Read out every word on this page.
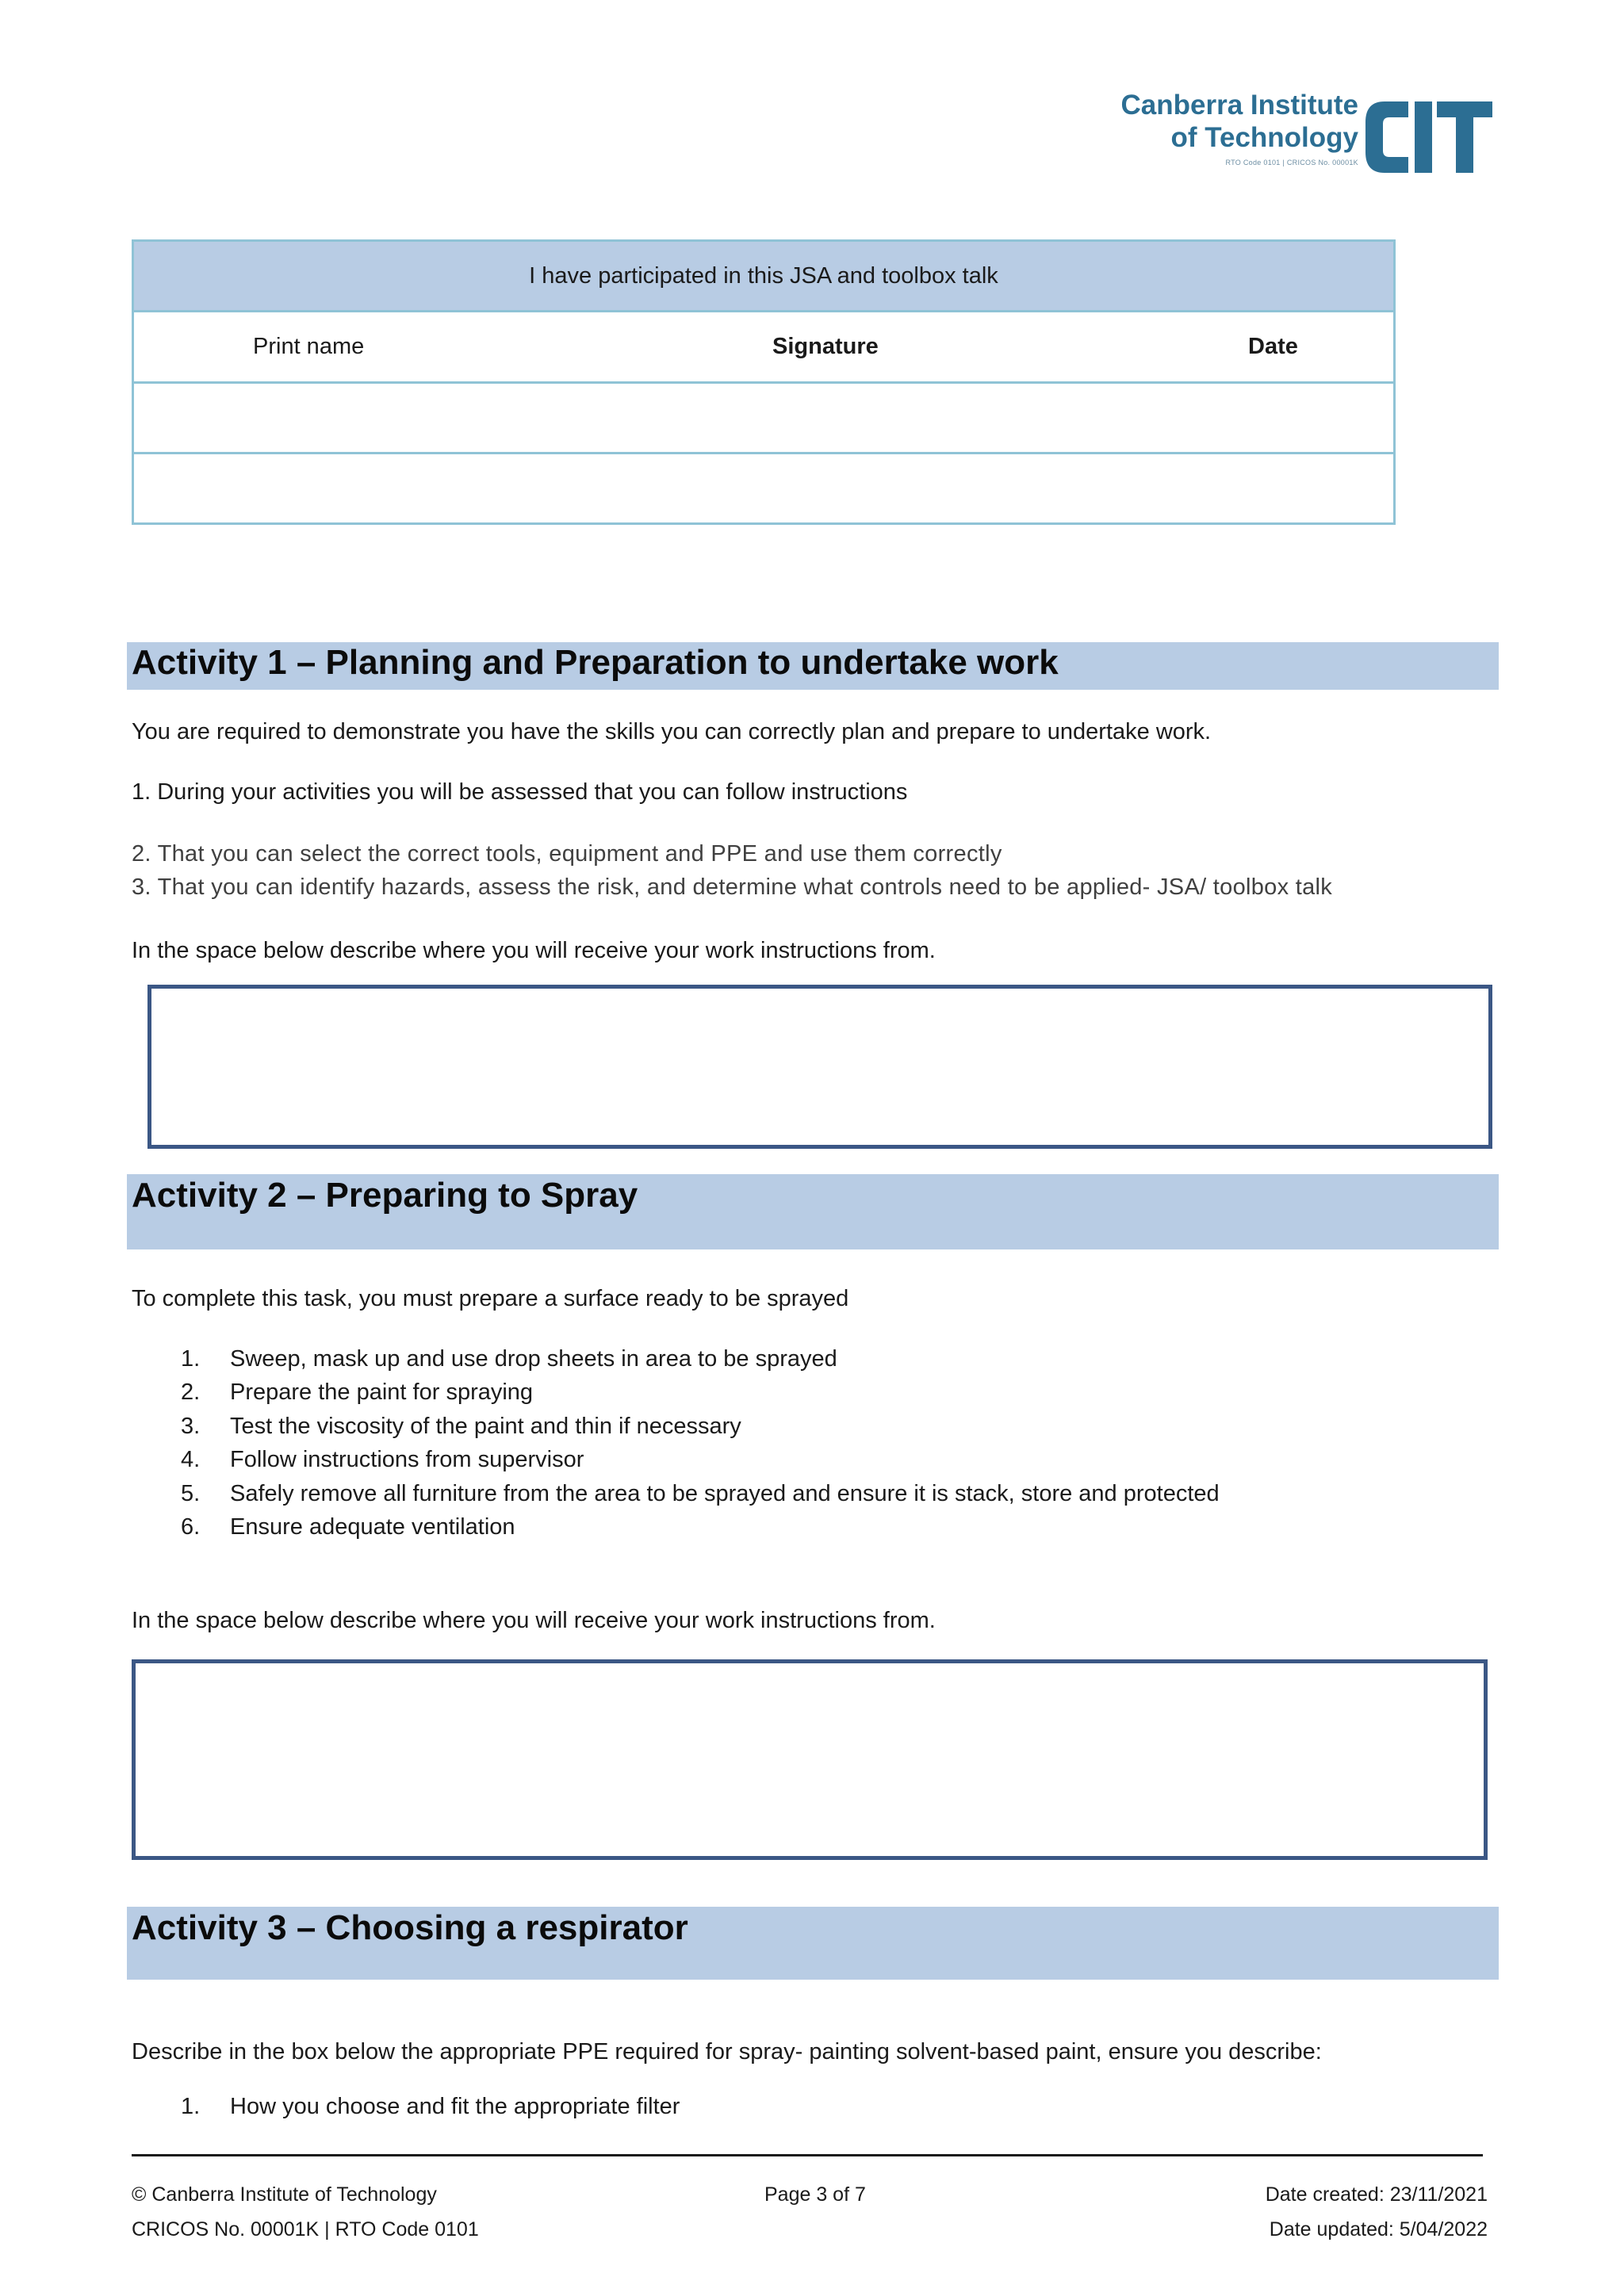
Canberra Institute
of Technology
RTO Code 0101 | CRICOS No. 00001K
I have participated in this JSA and toolbox talk
Print name	Signature	Date
Activity 1 – Planning and Preparation to undertake work
You are required to demonstrate you have the skills you can correctly plan and prepare to undertake work.
1. During your activities you will be assessed that you can follow instructions
2. That you can select the correct tools, equipment and PPE and use them correctly
3. That you can identify hazards, assess the risk, and determine what controls need to be applied- JSA/ toolbox talk
In the space below describe where you will receive your work instructions from.
Activity 2 – Preparing to Spray
To complete this task, you must prepare a surface ready to be sprayed
1.	Sweep, mask up and use drop sheets in area to be sprayed
2.	Prepare the paint for spraying
3.	Test the viscosity of the paint and thin if necessary
4.	Follow instructions from supervisor
5.	Safely remove all furniture from the area to be sprayed and ensure it is stack, store and protected
6.	Ensure adequate ventilation
In the space below describe where you will receive your work instructions from.
Activity 3 – Choosing a respirator
Describe in the box below the appropriate PPE required for spray- painting solvent-based paint, ensure you describe:
1.	How you choose and fit the appropriate filter
© Canberra Institute of Technology
CRICOS No. 00001K | RTO Code 0101
Page 3 of 7	Date created: 23/11/2021
Date updated: 5/04/2022
